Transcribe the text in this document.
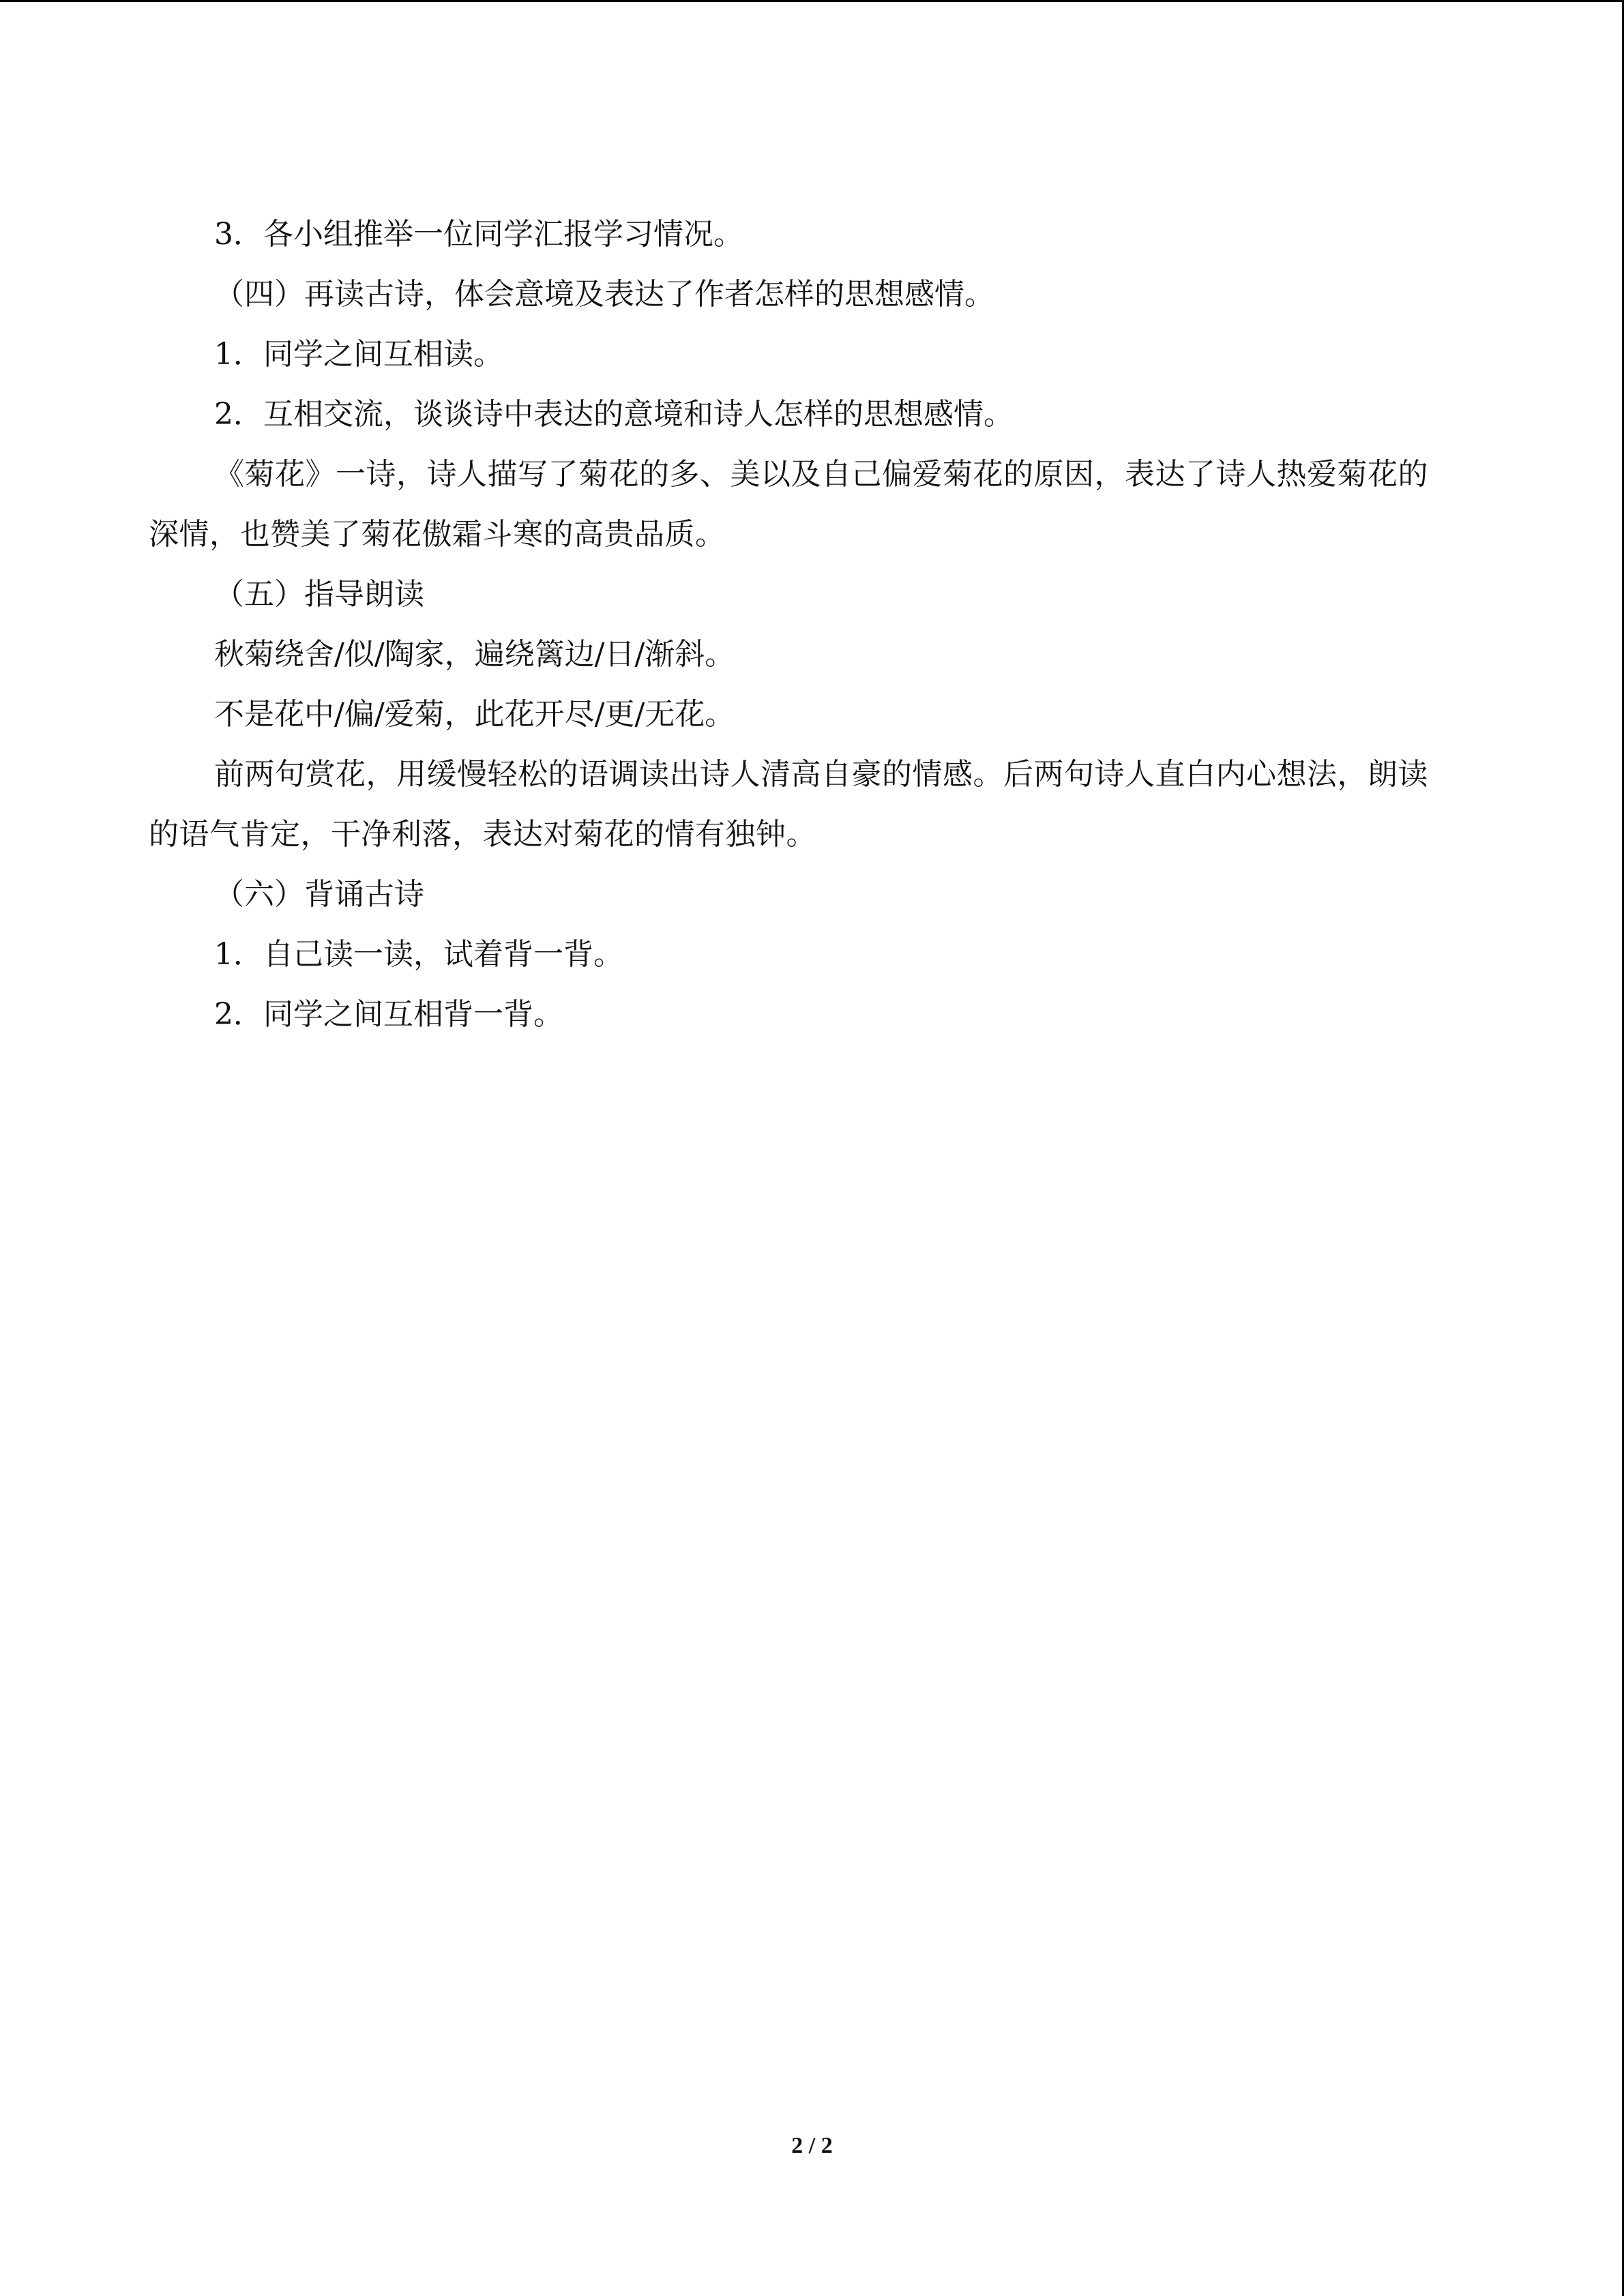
3．各小组推举一位同学汇报学习情况。

（四）再读古诗，体会意境及表达了作者怎样的思想感情。

1．同学之间互相读。

2．互相交流，谈谈诗中表达的意境和诗人怎样的思想感情。

《菊花》一诗，诗人描写了菊花的多、美以及自己偏爱菊花的原因，表达了诗人热爱菊花的深情，也赞美了菊花傲霜斗寒的高贵品质。

（五）指导朗读

秋菊绕舍/似/陶家，遍绕篱边/日/渐斜。

不是花中/偏/爱菊，此花开尽/更/无花。

前两句赏花，用缓慢轻松的语调读出诗人清高自豪的情感。后两句诗人直白内心想法，朗读的语气肯定，干净利落，表达对菊花的情有独钟。

（六）背诵古诗

1．自己读一读，试着背一背。

2．同学之间互相背一背。

2 / 2
